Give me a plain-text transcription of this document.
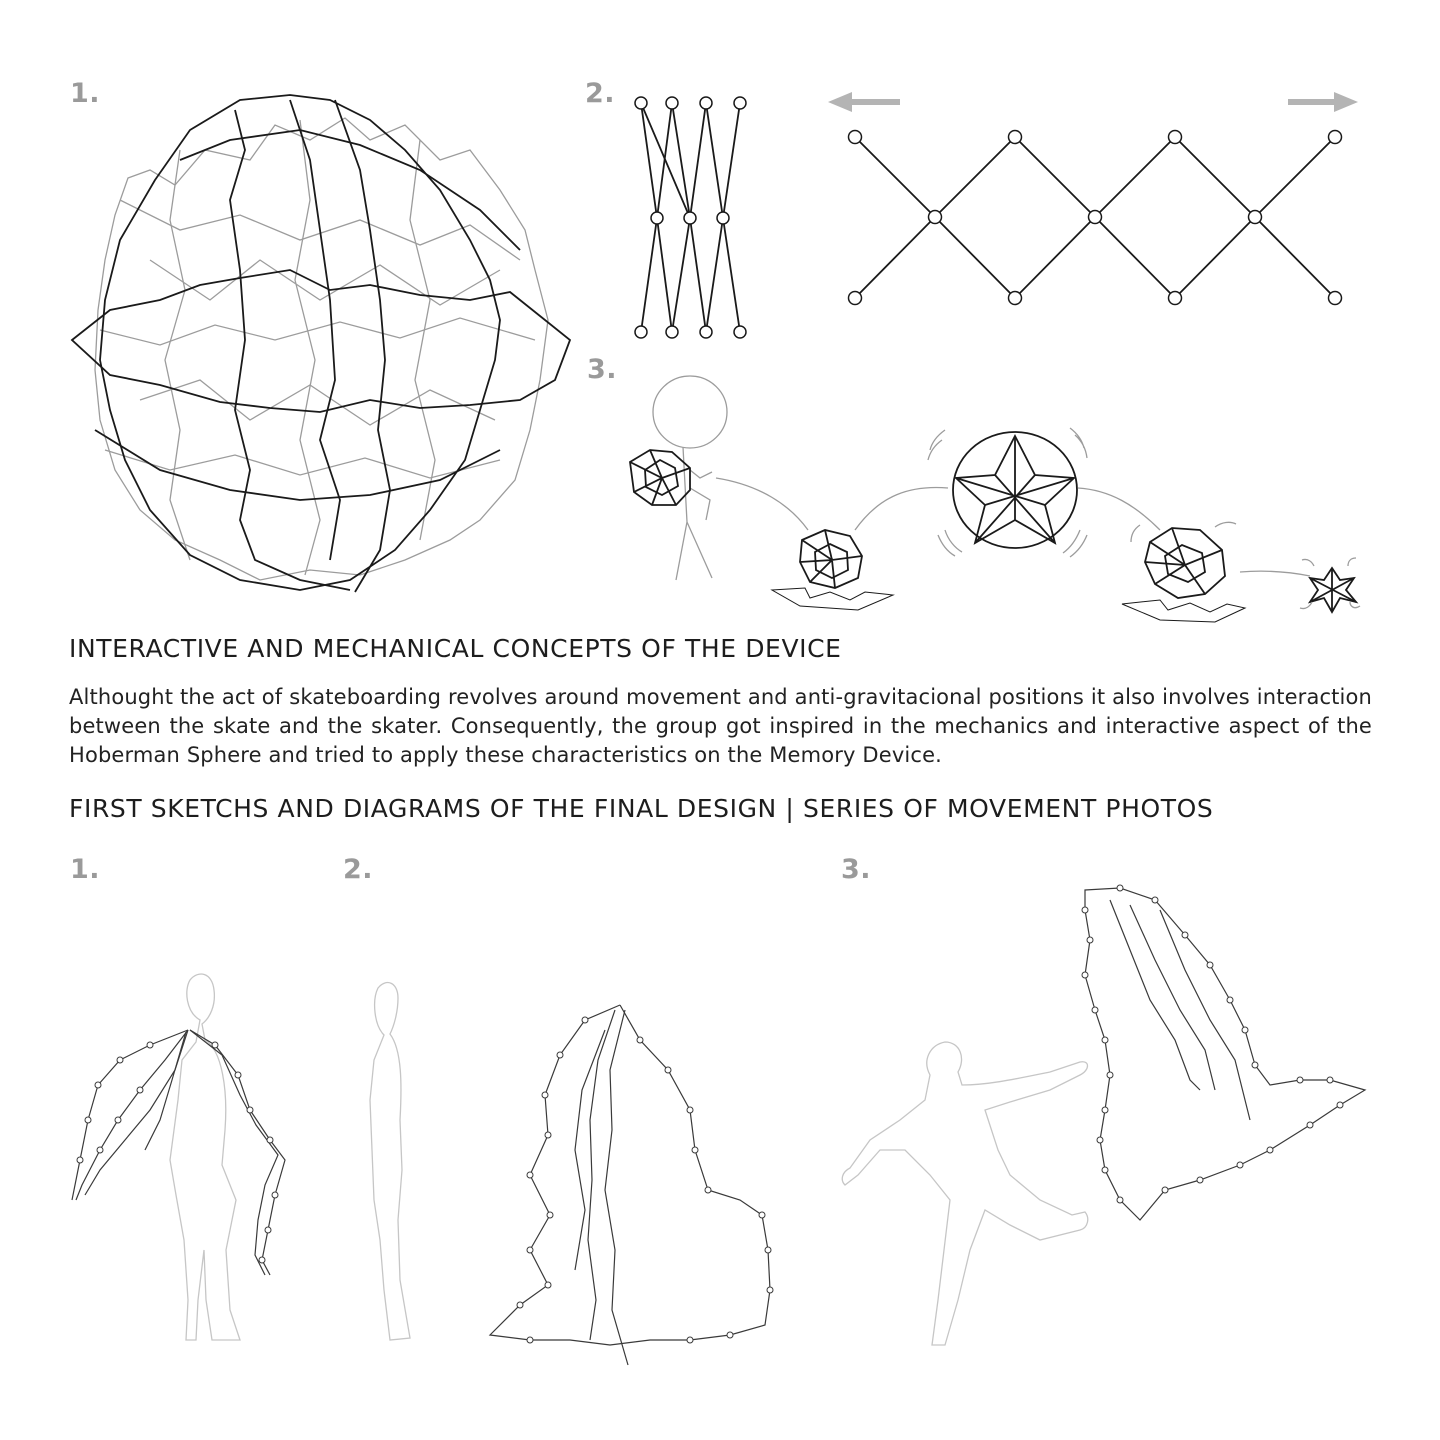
1.	2.
3.
INTERACTIVE AND MECHANICAL CONCEPTS OF THE DEVICE

Althought the act of skateboarding revolves around movement and anti-gravitacional positions it also involves interaction between the skate and the skater. Consequently, the group got inspired in the mechanics and interactive aspect of the Hoberman Sphere and tried to apply these characteristics on the Memory Device.

FIRST SKETCHS AND DIAGRAMS OF THE FINAL DESIGN | SERIES OF MOVEMENT PHOTOS
1.	2.	3.
